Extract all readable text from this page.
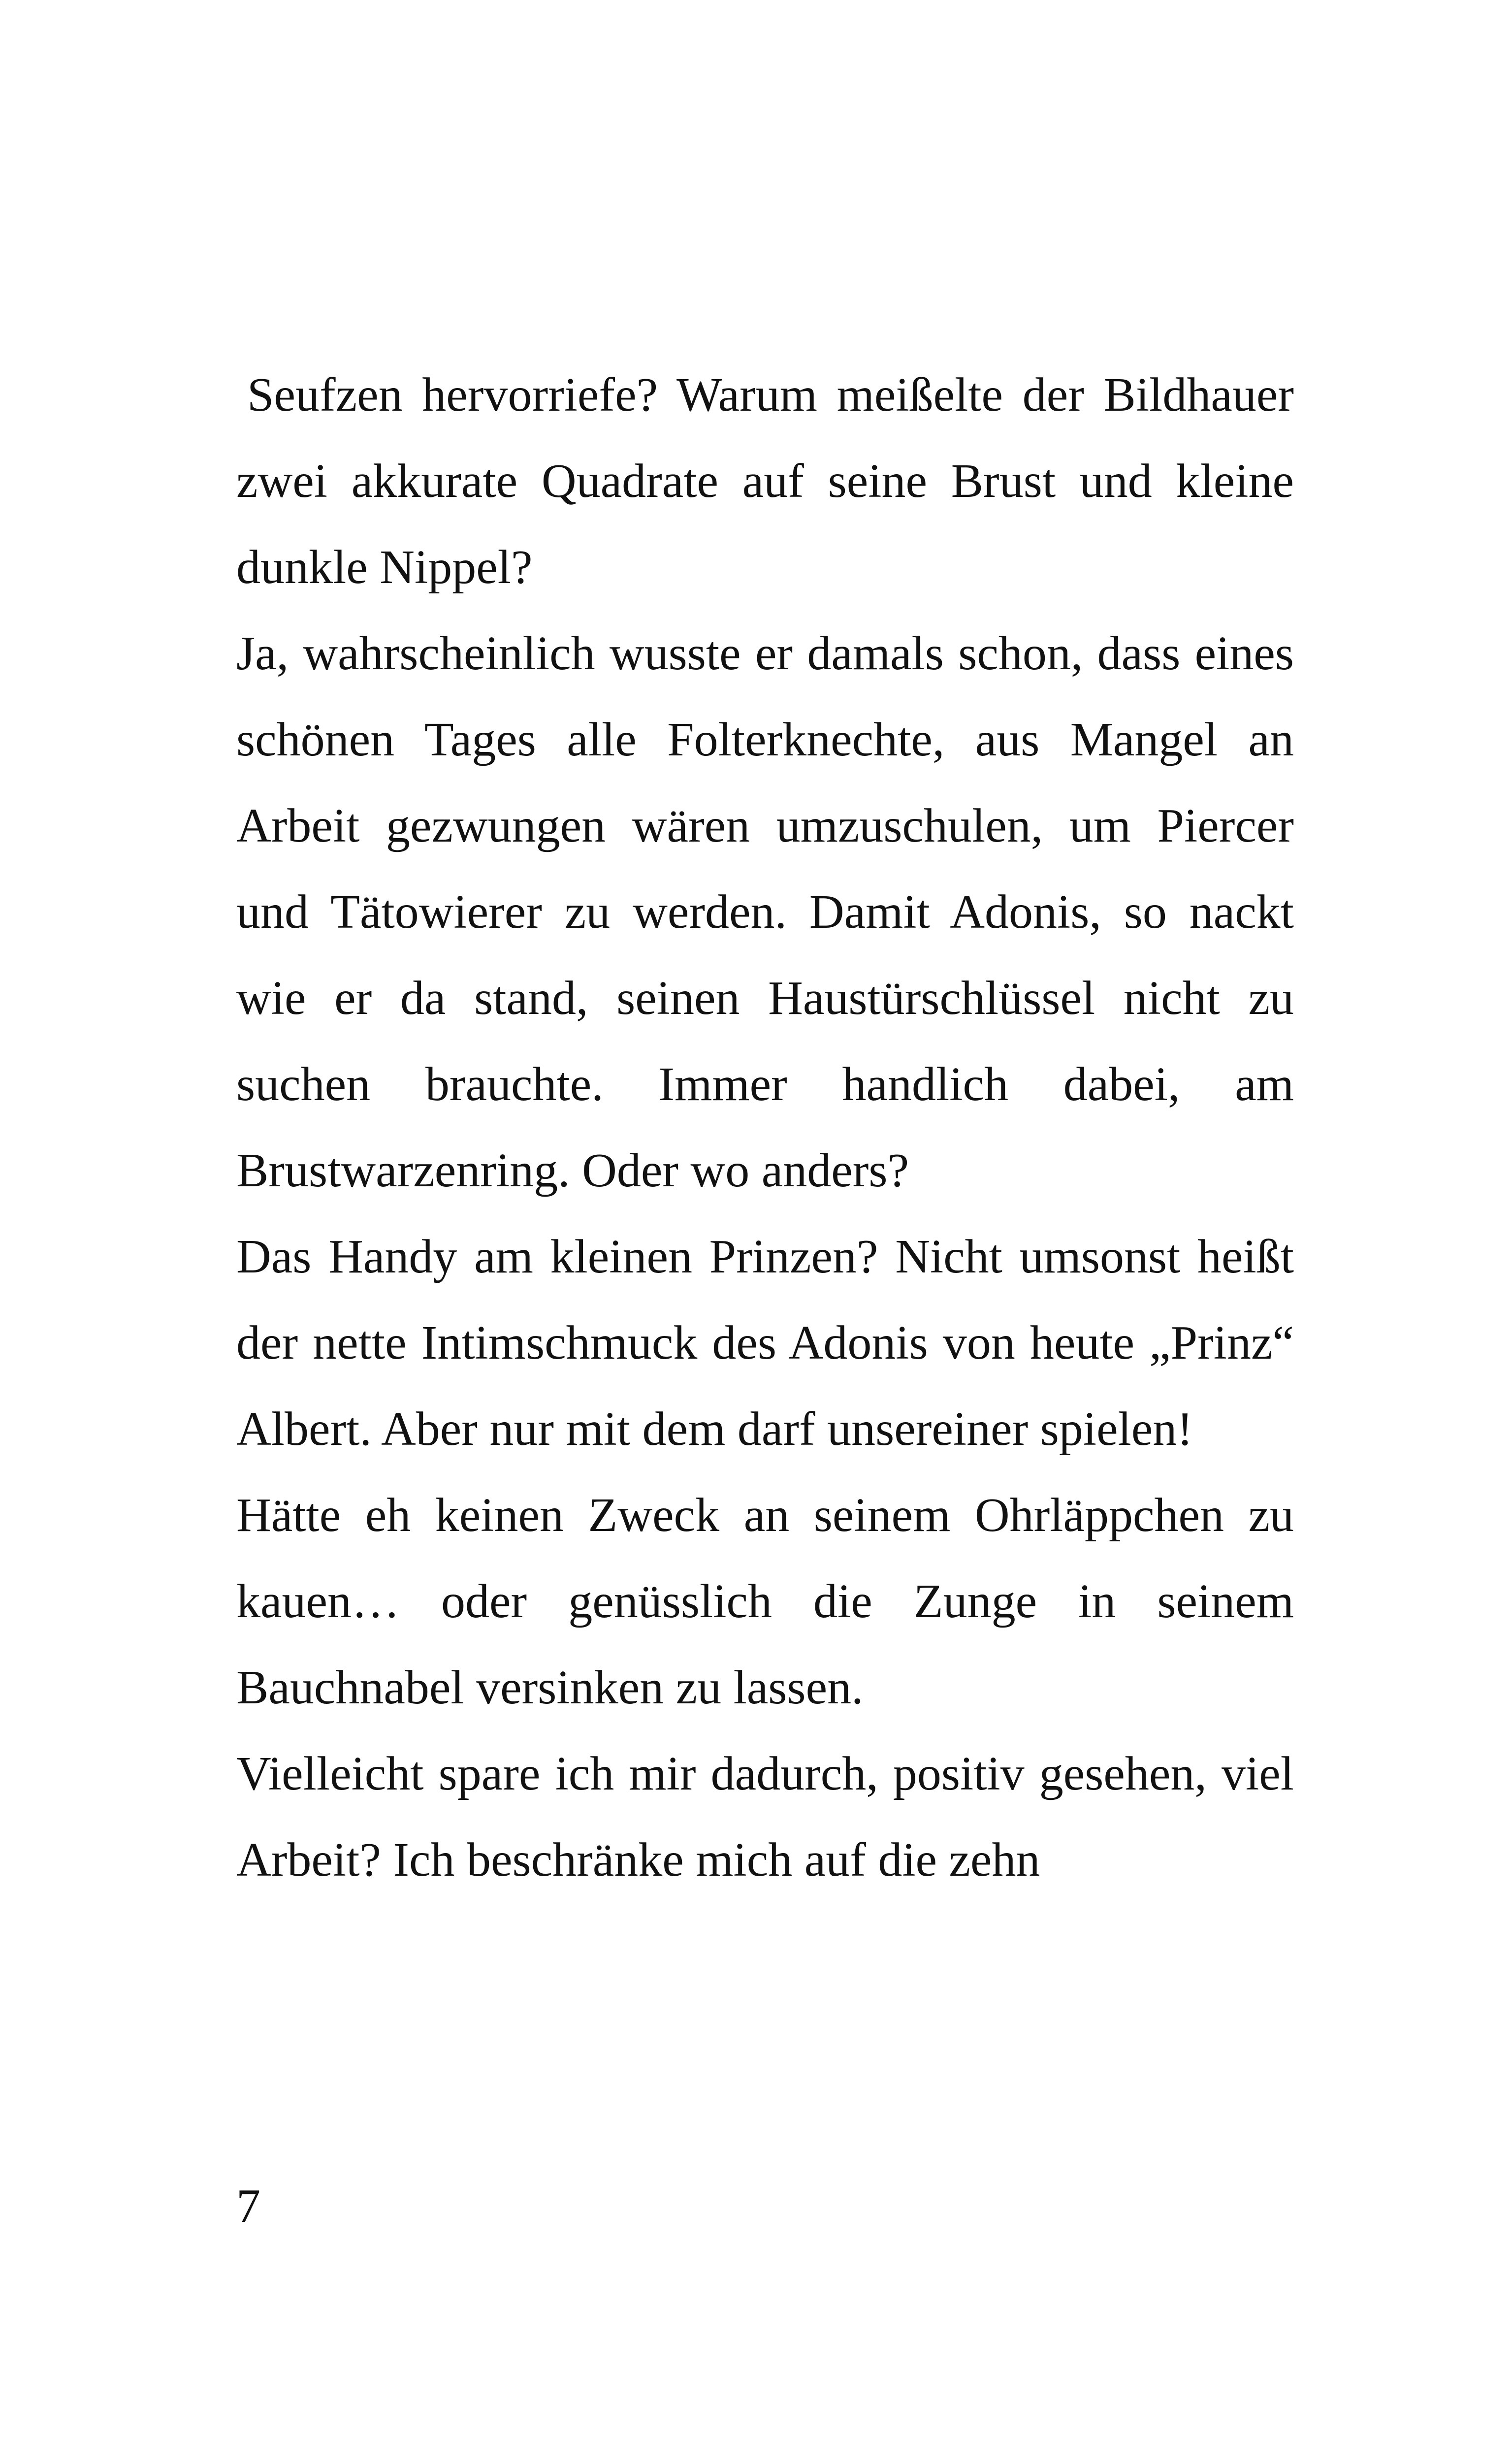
Seufzen hervorriefe? Warum meißelte der Bildhauer zwei akkurate Quadrate auf seine Brust und kleine dunkle Nippel?

Ja, wahrscheinlich wusste er damals schon, dass eines schönen Tages alle Folterknechte, aus Mangel an Arbeit gezwungen wären umzuschulen, um Piercer und Tätowierer zu werden. Damit Adonis, so nackt wie er da stand, seinen Haustürschlüssel nicht zu suchen brauchte. Immer handlich dabei, am Brustwarzenring. Oder wo anders?

Das Handy am kleinen Prinzen? Nicht umsonst heißt der nette Intimschmuck des Adonis von heute „Prinz“ Albert. Aber nur mit dem darf unsereiner spielen!

Hätte eh keinen Zweck an seinem Ohrläppchen zu kauen… oder genüsslich die Zunge in seinem Bauchnabel versinken zu lassen.

Vielleicht spare ich mir dadurch, positiv gesehen, viel Arbeit? Ich beschränke mich auf die zehn

7
